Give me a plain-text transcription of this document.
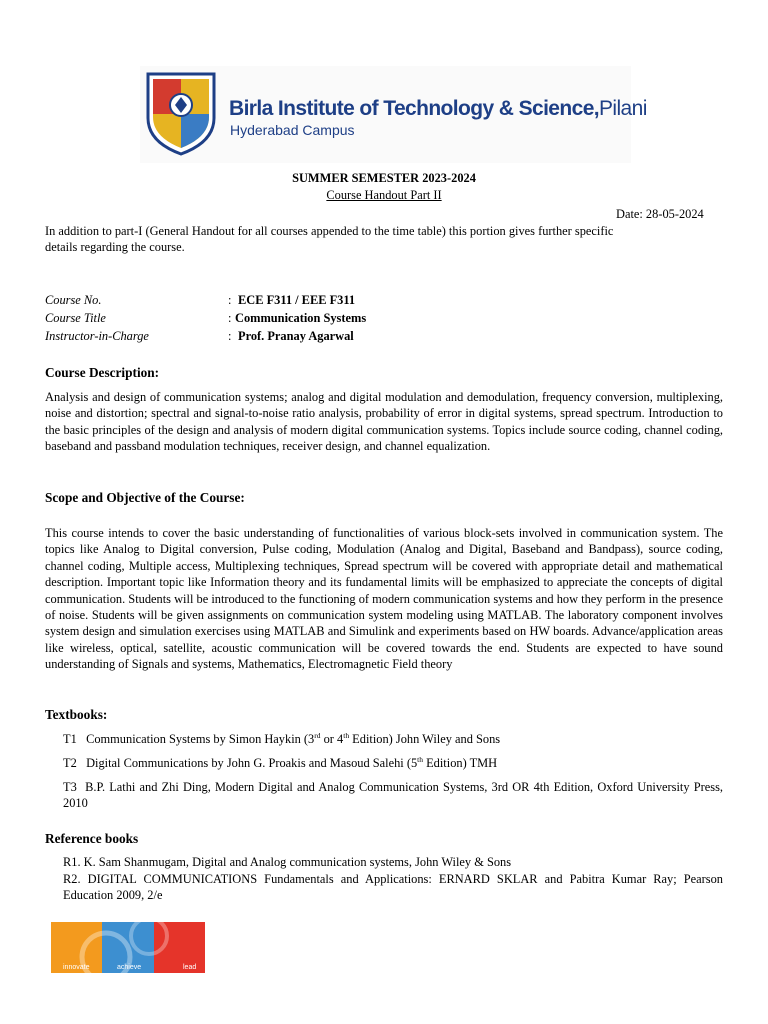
Birla Institute of Technology & Science,Pilani
Hyderabad Campus
SUMMER SEMESTER 2023-2024
Course Handout Part II
Date: 28-05-2024
In addition to part-I (General Handout for all courses appended to the time table) this portion gives further specific
details regarding the course.
Course No.	: ECE F311 / EEE F311
Course Title	: Communication Systems
Instructor-in-Charge	: Prof. Pranay Agarwal
Course Description:
Analysis and design of communication systems; analog and digital modulation and demodulation, frequency conversion, multiplexing, noise and distortion; spectral and signal-to-noise ratio analysis, probability of error in digital systems, spread spectrum. Introduction to the basic principles of the design and analysis of modern digital communication systems. Topics include source coding, channel coding, baseband and passband modulation techniques, receiver design, and channel equalization.
Scope and Objective of the Course:
This course intends to cover the basic understanding of functionalities of various block-sets involved in communication system. The topics like Analog to Digital conversion, Pulse coding, Modulation (Analog and Digital, Baseband and Bandpass), source coding, channel coding, Multiple access, Multiplexing techniques, Spread spectrum will be covered with appropriate detail and mathematical description. Important topic like Information theory and its fundamental limits will be emphasized to appreciate the concepts of digital communication. Students will be introduced to the functioning of modern communication systems and how they perform in the presence of noise. Students will be given assignments on communication system modeling using MATLAB. The laboratory component involves system design and simulation exercises using MATLAB and Simulink and experiments based on HW boards. Advance/application areas like wireless, optical, satellite, acoustic communication will be covered towards the end. Students are expected to have sound understanding of Signals and systems, Mathematics, Electromagnetic Field theory
Textbooks:
T1 Communication Systems by Simon Haykin (3rd or 4th Edition) John Wiley and Sons
T2 Digital Communications by John G. Proakis and Masoud Salehi (5th Edition) TMH
T3 B.P. Lathi and Zhi Ding, Modern Digital and Analog Communication Systems, 3rd OR 4th Edition, Oxford University Press, 2010
Reference books
R1. K. Sam Shanmugam, Digital and Analog communication systems, John Wiley & Sons
R2. DIGITAL COMMUNICATIONS Fundamentals and Applications: ERNARD SKLAR and Pabitra Kumar Ray; Pearson Education 2009, 2/e
innovate	achieve	lead
